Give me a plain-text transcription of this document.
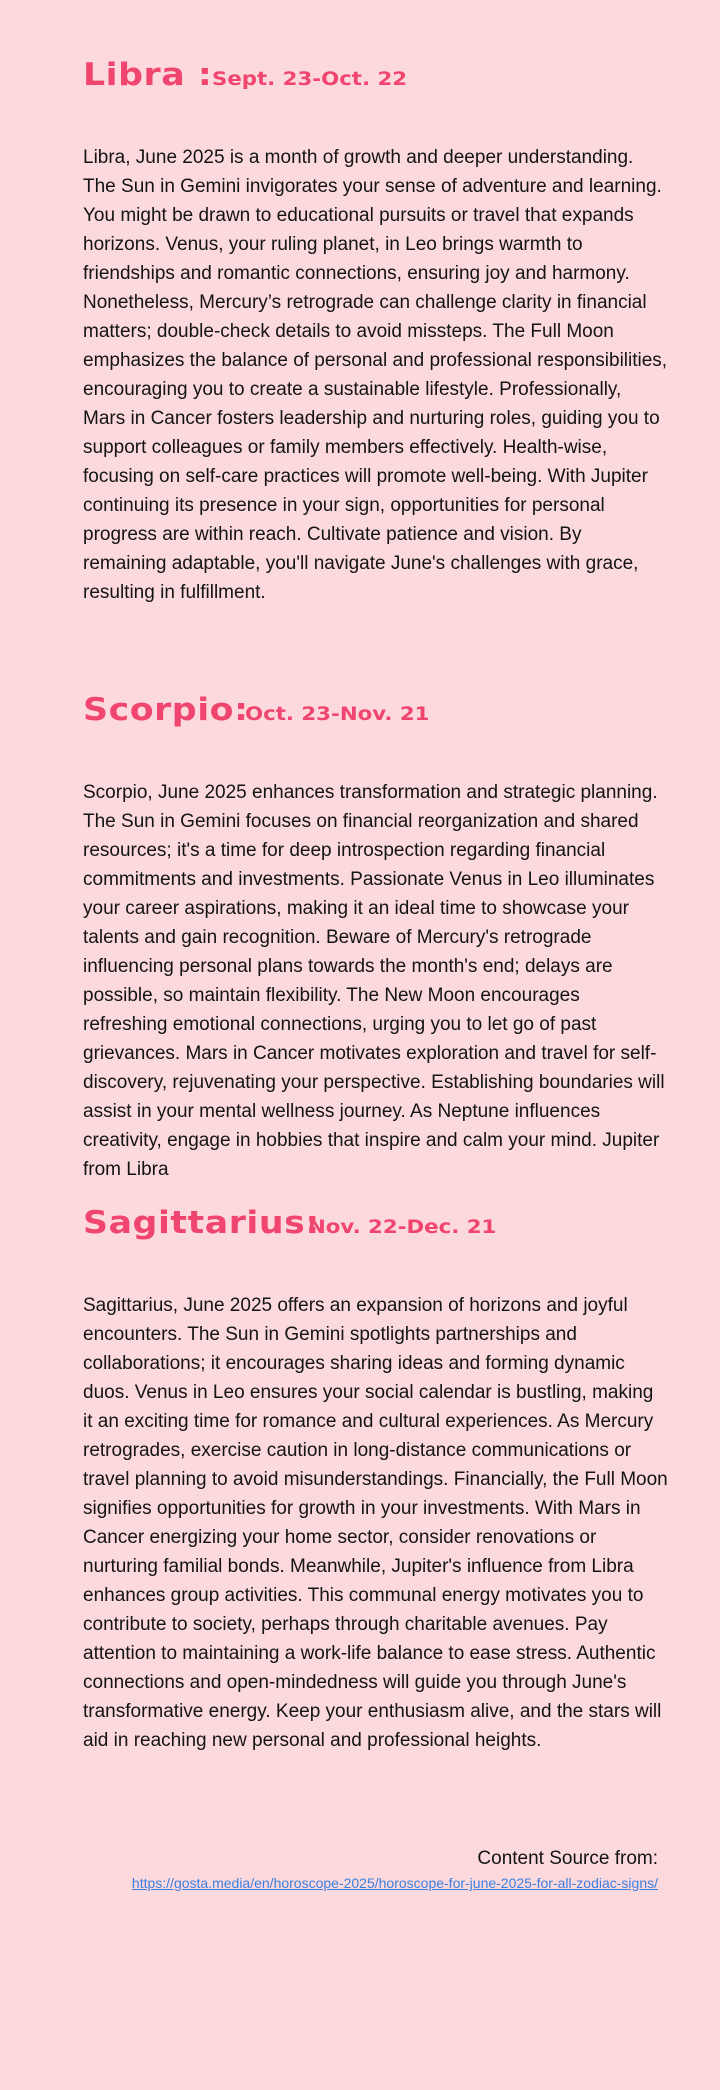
Libra :Sept. 23-Oct. 22

Libra, June 2025 is a month of growth and deeper understanding. The Sun in Gemini invigorates your sense of adventure and learning. You might be drawn to educational pursuits or travel that expands horizons. Venus, your ruling planet, in Leo brings warmth to friendships and romantic connections, ensuring joy and harmony. Nonetheless, Mercury’s retrograde can challenge clarity in financial matters; double-check details to avoid missteps. The Full Moon emphasizes the balance of personal and professional responsibilities, encouraging you to create a sustainable lifestyle. Professionally, Mars in Cancer fosters leadership and nurturing roles, guiding you to support colleagues or family members effectively. Health-wise, focusing on self-care practices will promote well-being. With Jupiter continuing its presence in your sign, opportunities for personal progress are within reach. Cultivate patience and vision. By remaining adaptable, you'll navigate June's challenges with grace, resulting in fulfillment.

Scorpio:Oct. 23-Nov. 21

Scorpio, June 2025 enhances transformation and strategic planning. The Sun in Gemini focuses on financial reorganization and shared resources; it's a time for deep introspection regarding financial commitments and investments. Passionate Venus in Leo illuminates your career aspirations, making it an ideal time to showcase your talents and gain recognition. Beware of Mercury's retrograde influencing personal plans towards the month's end; delays are possible, so maintain flexibility. The New Moon encourages refreshing emotional connections, urging you to let go of past grievances. Mars in Cancer motivates exploration and travel for self-discovery, rejuvenating your perspective. Establishing boundaries will assist in your mental wellness journey. As Neptune influences creativity, engage in hobbies that inspire and calm your mind. Jupiter from Libra

Sagittarius:Nov. 22-Dec. 21

Sagittarius, June 2025 offers an expansion of horizons and joyful encounters. The Sun in Gemini spotlights partnerships and collaborations; it encourages sharing ideas and forming dynamic duos. Venus in Leo ensures your social calendar is bustling, making it an exciting time for romance and cultural experiences. As Mercury retrogrades, exercise caution in long-distance communications or travel planning to avoid misunderstandings. Financially, the Full Moon signifies opportunities for growth in your investments. With Mars in Cancer energizing your home sector, consider renovations or nurturing familial bonds. Meanwhile, Jupiter's influence from Libra enhances group activities. This communal energy motivates you to contribute to society, perhaps through charitable avenues. Pay attention to maintaining a work-life balance to ease stress. Authentic connections and open-mindedness will guide you through June's transformative energy. Keep your enthusiasm alive, and the stars will aid in reaching new personal and professional heights.

Content Source from:
https://gosta.media/en/horoscope-2025/horoscope-for-june-2025-for-all-zodiac-signs/
